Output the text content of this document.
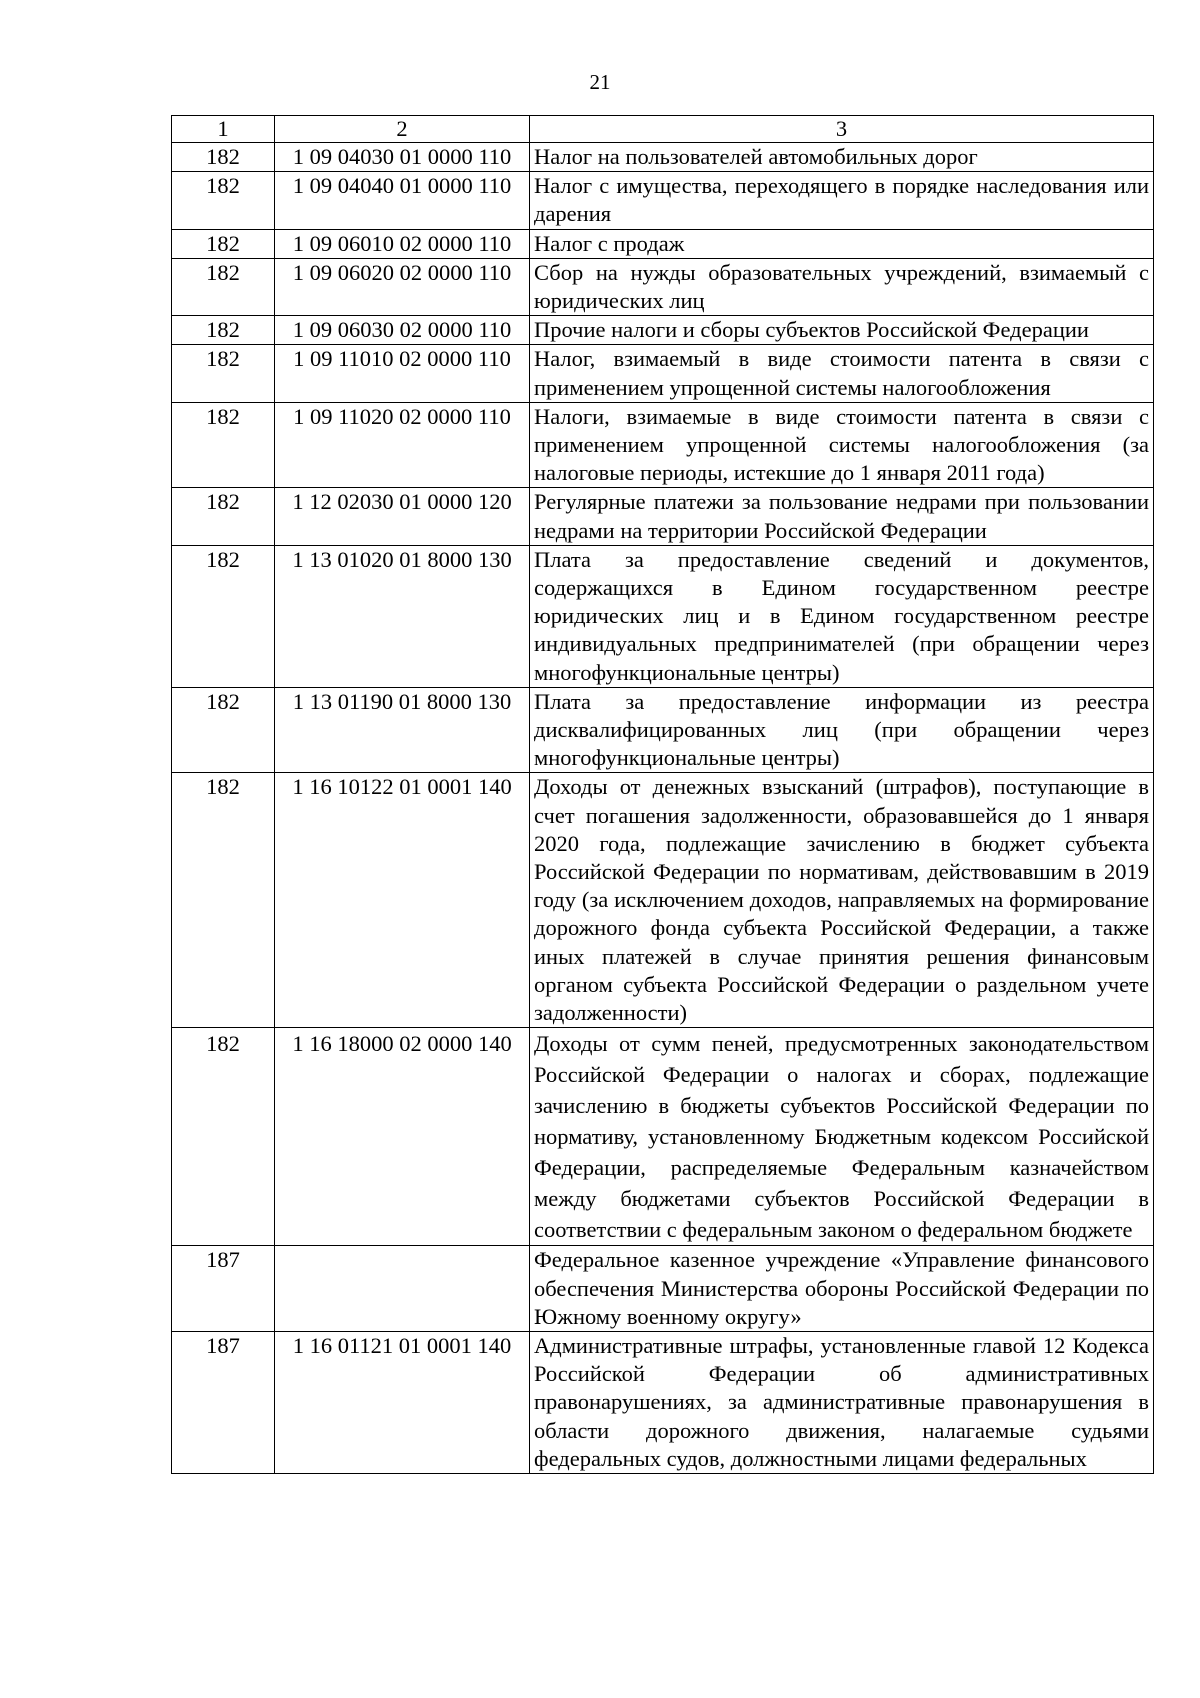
21
1	2	3
182	1 09 04030 01 0000 110	Налог на пользователей автомобильных дорог
182	1 09 04040 01 0000 110	Налог с имущества, переходящего в порядке наследования или дарения
182	1 09 06010 02 0000 110	Налог с продаж
182	1 09 06020 02 0000 110	Сбор на нужды образовательных учреждений, взимаемый с юридических лиц
182	1 09 06030 02 0000 110	Прочие налоги и сборы субъектов Российской Федерации
182	1 09 11010 02 0000 110	Налог, взимаемый в виде стоимости патента в связи с применением упрощенной системы налогообложения
182	1 09 11020 02 0000 110	Налоги, взимаемые в виде стоимости патента в связи с применением упрощенной системы налогообложения (за налоговые периоды, истекшие до 1 января 2011 года)
182	1 12 02030 01 0000 120	Регулярные платежи за пользование недрами при пользовании недрами на территории Российской Федерации
182	1 13 01020 01 8000 130	Плата за предоставление сведений и документов, содержащихся в Едином государственном реестре юридических лиц и в Едином государственном реестре индивидуальных предпринимателей (при обращении через многофункциональные центры)
182	1 13 01190 01 8000 130	Плата за предоставление информации из реестра дисквалифицированных лиц (при обращении через многофункциональные центры)
182	1 16 10122 01 0001 140	Доходы от денежных взысканий (штрафов), поступающие в счет погашения задолженности, образовавшейся до 1 января 2020 года, подлежащие зачислению в бюджет субъекта Российской Федерации по нормативам, действовавшим в 2019 году (за исключением доходов, направляемых на формирование дорожного фонда субъекта Российской Федерации, а также иных платежей в случае принятия решения финансовым органом субъекта Российской Федерации о раздельном учете задолженности)
182	1 16 18000 02 0000 140	Доходы от сумм пеней, предусмотренных законодательством Российской Федерации о налогах и сборах, подлежащие зачислению в бюджеты субъектов Российской Федерации по нормативу, установленному Бюджетным кодексом Российской Федерации, распределяемые Федеральным казначейством между бюджетами субъектов Российской Федерации в соответствии с федеральным законом о федеральном бюджете
187		Федеральное казенное учреждение «Управление финансового обеспечения Министерства обороны Российской Федерации по Южному военному округу»
187	1 16 01121 01 0001 140	Административные штрафы, установленные главой 12 Кодекса Российской Федерации об административных правонарушениях, за административные правонарушения в области дорожного движения, налагаемые судьями федеральных судов, должностными лицами федеральных
